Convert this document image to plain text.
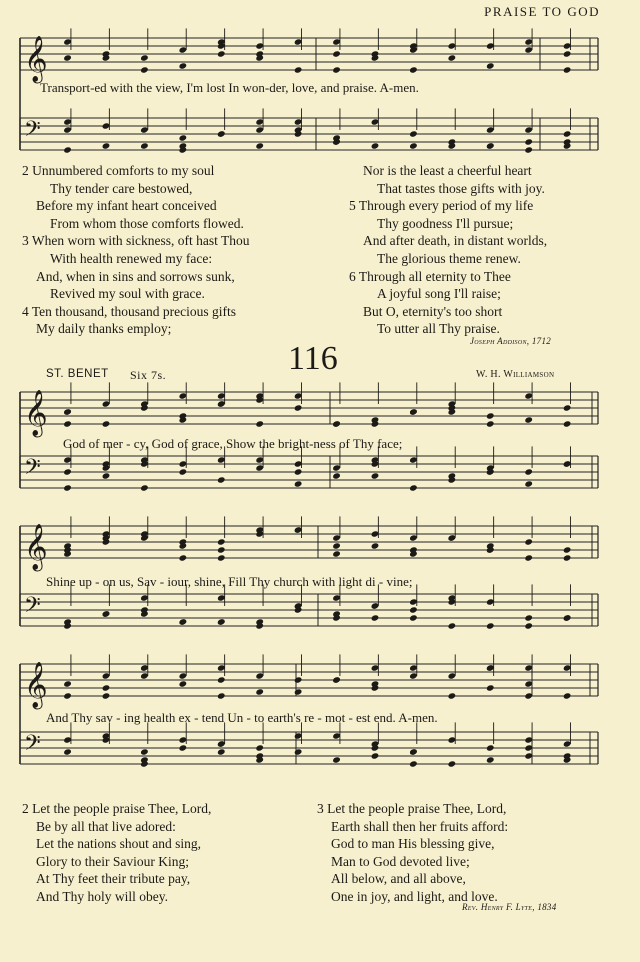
𝄞
𝄢
𝄞
𝄢
𝄞
𝄢
𝄞
𝄢
PRAISE TO GOD
Transport-ed with the view, I'm lost In won-der, love, and praise. A-men.
2 Unnumbered comforts to my soul
Thy tender care bestowed,
Before my infant heart conceived
From whom those comforts flowed.
3 When worn with sickness, oft hast Thou
With health renewed my face:
And, when in sins and sorrows sunk,
Revived my soul with grace.
4 Ten thousand, thousand precious gifts
My daily thanks employ;
Nor is the least a cheerful heart
That tastes those gifts with joy.
5 Through every period of my life
Thy goodness I'll pursue;
And after death, in distant worlds,
The glorious theme renew.
6 Through all eternity to Thee
A joyful song I'll raise;
But O, eternity's too short
To utter all Thy praise.
Joseph Addison, 1712
116
ST. BENET Six 7s.	W. H. Williamson
God of mer - cy, God of grace, Show the bright-ness of Thy face;
Shine up - on us, Sav - iour, shine, Fill Thy church with light di - vine;
And Thy sav - ing health ex - tend Un - to earth's re - mot - est end. A-men.
2 Let the people praise Thee, Lord,
Be by all that live adored:
Let the nations shout and sing,
Glory to their Saviour King;
At Thy feet their tribute pay,
And Thy holy will obey.
3 Let the people praise Thee, Lord,
Earth shall then her fruits afford:
God to man His blessing give,
Man to God devoted live;
All below, and all above,
One in joy, and light, and love.
Rev. Henry F. Lyte, 1834
